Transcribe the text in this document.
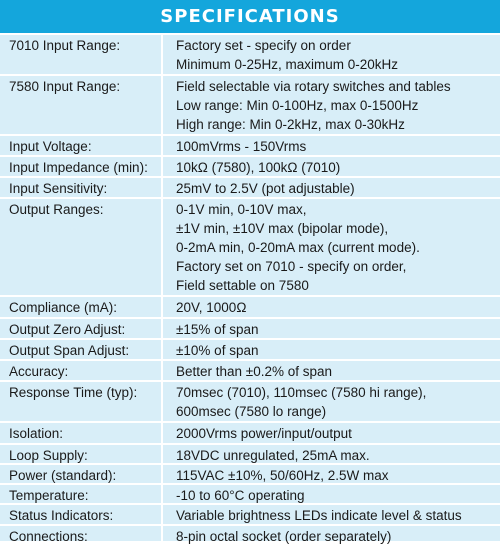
SPECIFICATIONS
7010 Input Range:	Factory set - specify on order
Minimum 0-25Hz, maximum 0-20kHz
7580 Input Range:	Field selectable via rotary switches and tables
Low range: Min 0-100Hz, max 0-1500Hz
High range: Min 0-2kHz, max 0-30kHz
Input Voltage:	100mVrms - 150Vrms
Input Impedance (min):	10kΩ (7580), 100kΩ (7010)
Input Sensitivity:	25mV to 2.5V (pot adjustable)
Output Ranges:	0-1V min, 0-10V max,
±1V min, ±10V max (bipolar mode),
0-2mA min, 0-20mA max (current mode).
Factory set on 7010 - specify on order,
Field settable on 7580
Compliance (mA):	20V, 1000Ω
Output Zero Adjust:	±15% of span
Output Span Adjust:	±10% of span
Accuracy:	Better than ±0.2% of span
Response Time (typ):	70msec (7010), 110msec (7580 hi range),
600msec (7580 lo range)
Isolation:	2000Vrms power/input/output
Loop Supply:	18VDC unregulated, 25mA max.
Power (standard):	115VAC ±10%, 50/60Hz, 2.5W max
Temperature:	-10 to 60°C operating
Status Indicators:	Variable brightness LEDs indicate level & status
Connections:	8-pin octal socket (order separately)
